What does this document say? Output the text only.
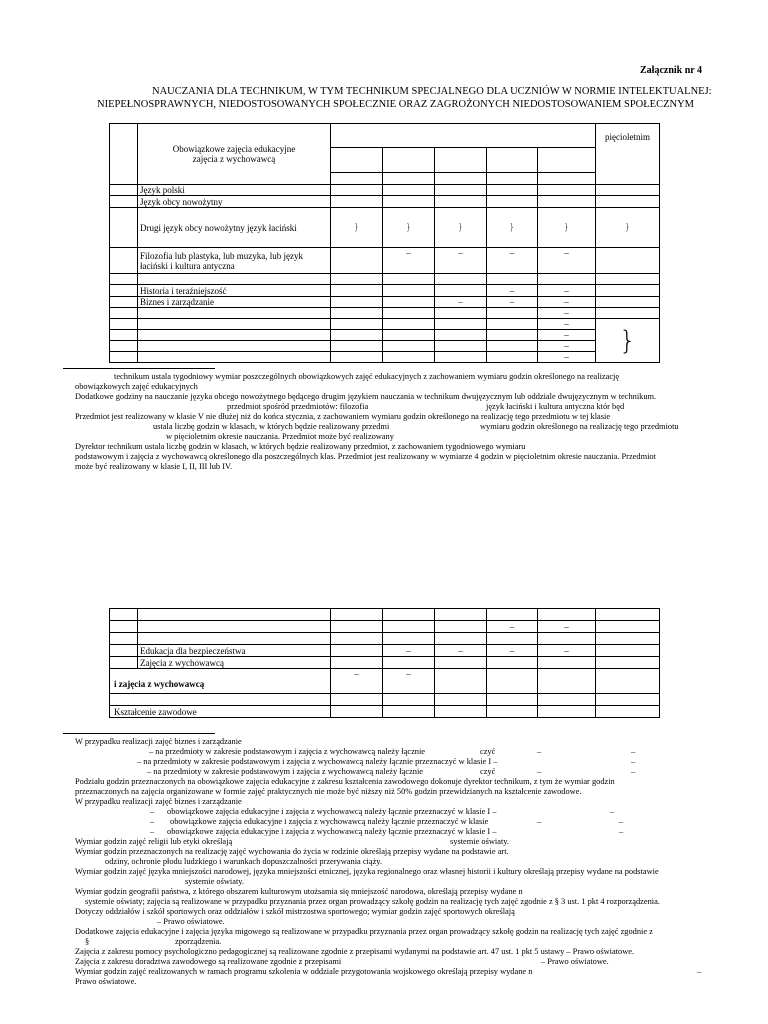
Załącznik nr 4
NAUCZANIA DLA TECHNIKUM, W TYM TECHNIKUM SPECJALNEGO DLA UCZNIÓW W NORMIE INTELEKTUALNEJ:
NIEPEŁNOSPRAWNYCH, NIEDOSTOSOWANYCH SPOŁECZNIE ORAZ ZAGROŻONYCH NIEDOSTOSOWANIEM SPOŁECZNYM
	Obowiązkowe zajęcia edukacyjne zajęcia z wychowawcą						pięcioletnim

	Język polski						
	Język obcy nowożytny						
	Drugi język obcy nowożytny język łaciński	}	}	}	}	}	}
	Filozofia lub plastyka, lub muzyka, lub język łaciński i kultura antyczna		–	–	–	–	

	Historia i teraźniejszość				–	–	
	Biznes i zarządzanie			–	–	–	
						–	
						–	}
						–	
						–	
						–	
technikum ustala tygodniowy wymiar poszczególnych obowiązkowych zajęć edukacyjnych z zachowaniem wymiaru godzin określonego na realizację
obowiązkowych zajęć edukacyjnych
Dodatkowe godziny na nauczanie języka obcego nowożytnego będącego drugim językiem nauczania w technikum dwujęzycznym lub oddziale dwujęzycznym w technikum.
przedmiot spośród przedmiotów: filozofia	język łaciński i kultura antyczna któr będ
Przedmiot jest realizowany w klasie V nie dłużej niż do końca stycznia, z zachowaniem wymiaru godzin określonego na realizację tego przedmiotu w tej klasie
ustala liczbę godzin w klasach, w których będzie realizowany przedmi	wymiaru godzin określonego na realizację tego przedmiotu
w pięcioletnim okresie nauczania. Przedmiot może być realizowany
Dyrektor technikum ustala liczbę godzin w klasach, w których będzie realizowany przedmiot, z zachowaniem tygodniowego wymiaru
podstawowym i zajęcia z wychowawcą określonego dla poszczególnych klas. Przedmiot jest realizowany w wymiarze 4 godzin w pięcioletnim okresie nauczania. Przedmiot
może być realizowany w klasie I, II, III lub IV.

					–	–	

	Edukacja dla bezpieczeństwa		–	–	–	–	
	Zajęcia z wychowawcą						
i zajęcia z wychowawcą		–	–				

Kształcenie zawodowe							
W przypadku realizacji zajęć biznes i zarządzanie
– na przedmioty w zakresie podstawowym i zajęcia z wychowawcą należy łącznie	czyć	–	–
– na przedmioty w zakresie podstawowym i zajęcia z wychowawcą należy łącznie przeznaczyć w klasie I –	–
– na przedmioty w zakresie podstawowym i zajęcia z wychowawcą należy łącznie	czyć	–	–
Podziału godzin przeznaczonych na obowiązkowe zajęcia edukacyjne z zakresu kształcenia zawodowego dokonuje dyrektor technikum, z tym że wymiar godzin
przeznaczonych na zajęcia organizowane w formie zajęć praktycznych nie może być niższy niż 50% godzin przewidzianych na kształcenie zawodowe.
W przypadku realizacji zajęć biznes i zarządzanie
– obowiązkowe zajęcia edukacyjne i zajęcia z wychowawcą należy łącznie przeznaczyć w klasie I –	–
– obowiązkowe zajęcia edukacyjne i zajęcia z wychowawcą należy łącznie przeznaczyć w klasie	–	–
– obowiązkowe zajęcia edukacyjne i zajęcia z wychowawcą należy łącznie przeznaczyć w klasie I –	–
Wymiar godzin zajęć religii lub etyki określają	systemie oświaty.
Wymiar godzin przeznaczonych na realizację zajęć wychowania do życia w rodzinie określają przepisy wydane na podstawie art.
odziny, ochronie płodu ludzkiego i warunkach dopuszczalności przerywania ciąży.
Wymiar godzin zajęć języka mniejszości narodowej, języka mniejszości etnicznej, języka regionalnego oraz własnej historii i kultury określają przepisy wydane na podstawie
systemie oświaty.
Wymiar godzin geografii państwa, z którego obszarem kulturowym utożsamia się mniejszość narodowa, określają przepisy wydane n
systemie oświaty; zajęcia są realizowane w przypadku przyznania przez organ prowadzący szkołę godzin na realizację tych zajęć zgodnie z § 3 ust. 1 pkt 4 rozporządzenia.
Dotyczy oddziałów i szkół sportowych oraz oddziałów i szkół mistrzostwa sportowego; wymiar godzin zajęć sportowych określają
– Prawo oświatowe.
Dodatkowe zajęcia edukacyjne i zajęcia języka migowego są realizowane w przypadku przyznania przez organ prowadzący szkołę godzin na realizację tych zajęć zgodnie z
§	zporządzenia.
Zajęcia z zakresu pomocy psychologiczno pedagogicznej są realizowane zgodnie z przepisami wydanymi na podstawie art. 47 ust. 1 pkt 5 ustawy – Prawo oświatowe.
Zajęcia z zakresu doradztwa zawodowego są realizowane zgodnie z przepisami	– Prawo oświatowe.
Wymiar godzin zajęć realizowanych w ramach programu szkolenia w oddziale przygotowania wojskowego określają przepisy wydane n	–
Prawo oświatowe.
